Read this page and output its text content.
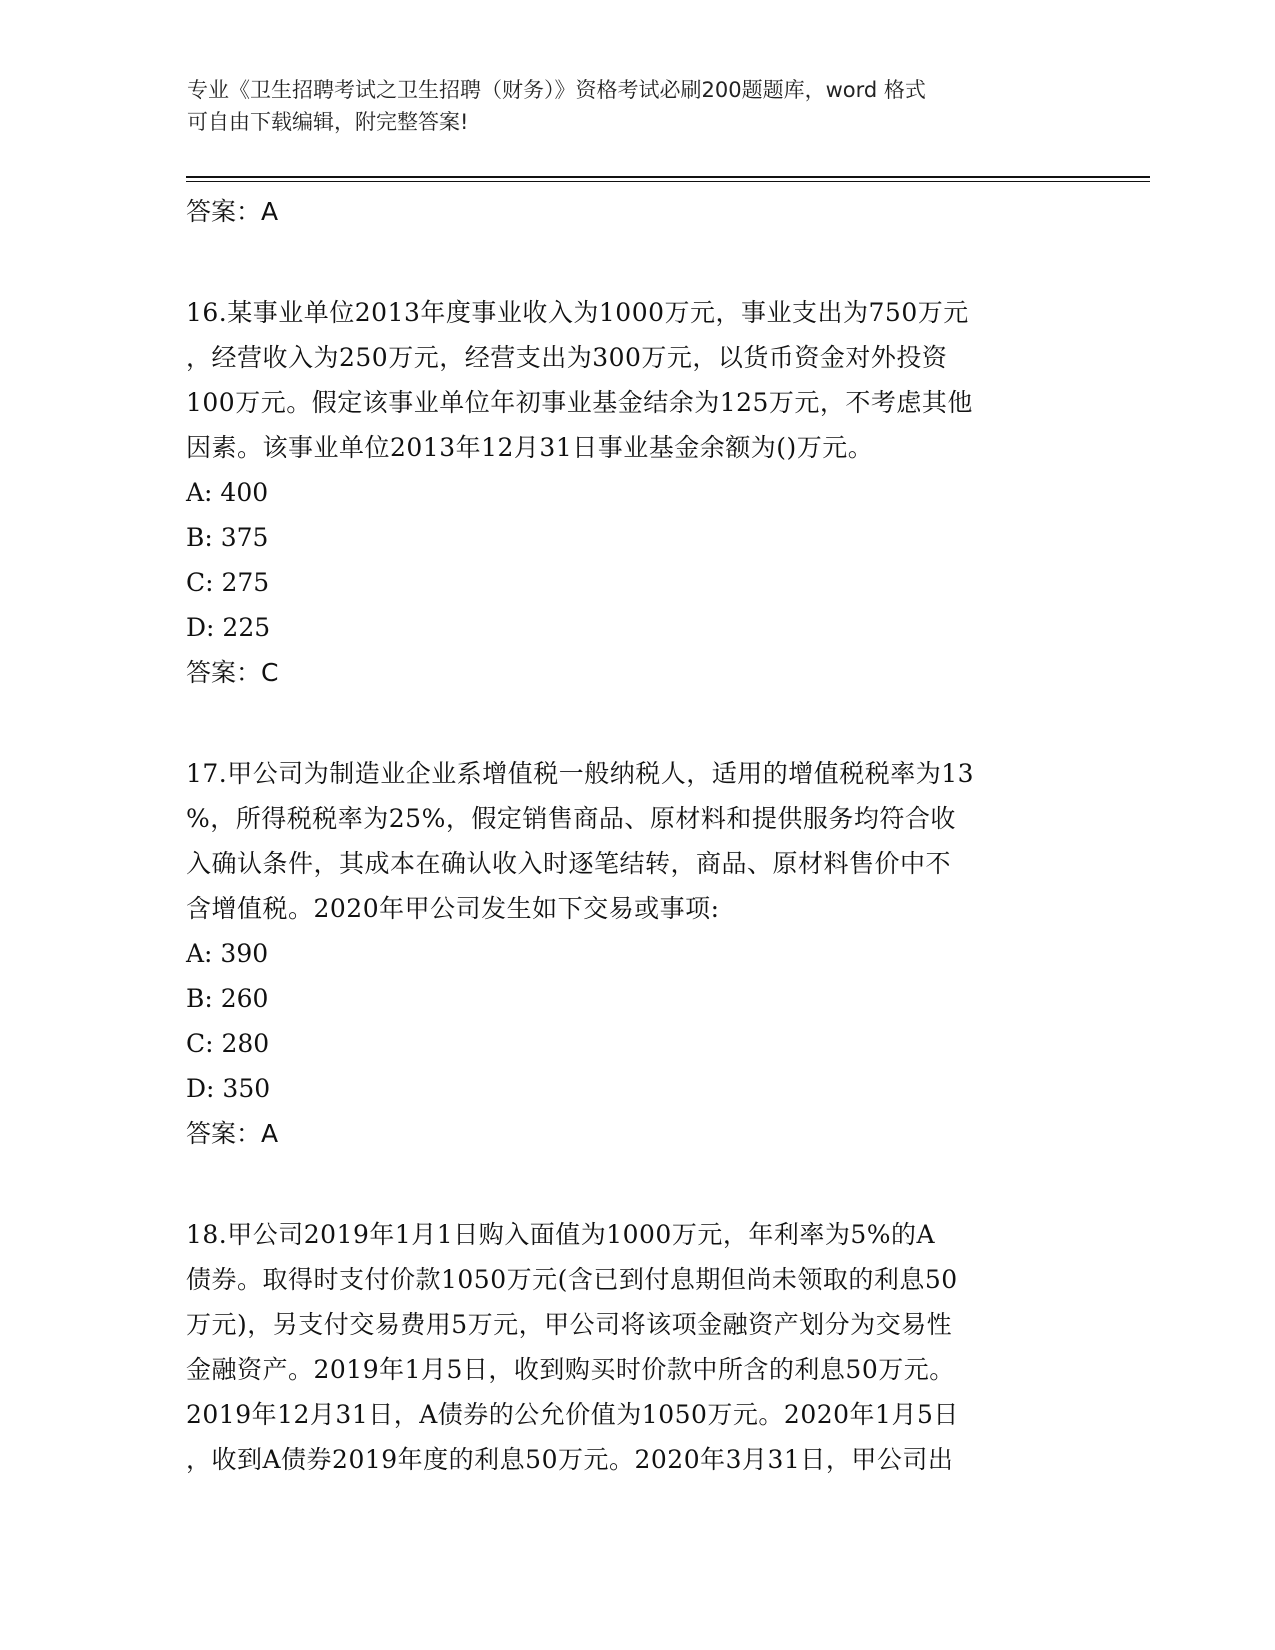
专业《卫生招聘考试之卫生招聘（财务）》资格考试必刷200题题库，word 格式
可自由下载编辑，附完整答案!
答案：A

16.某事业单位2013年度事业收入为1000万元，事业支出为750万元
，经营收入为250万元，经营支出为300万元，以货币资金对外投资
100万元。假定该事业单位年初事业基金结余为125万元，不考虑其他
因素。该事业单位2013年12月31日事业基金余额为()万元。

A: 400
B: 375
C: 275
D: 225
答案：C

17.甲公司为制造业企业系增值税一般纳税人，适用的增值税税率为13
%，所得税税率为25%，假定销售商品、原材料和提供服务均符合收
入确认条件，其成本在确认收入时逐笔结转，商品、原材料售价中不
含增值税。2020年甲公司发生如下交易或事项:

A: 390
B: 260
C: 280
D: 350
答案：A

18.甲公司2019年1月1日购入面值为1000万元，年利率为5%的A
债券。取得时支付价款1050万元(含已到付息期但尚未领取的利息50
万元)，另支付交易费用5万元，甲公司将该项金融资产划分为交易性
金融资产。2019年1月5日，收到购买时价款中所含的利息50万元。
2019年12月31日，A债券的公允价值为1050万元。2020年1月5日
，收到A债券2019年度的利息50万元。2020年3月31日，甲公司出
